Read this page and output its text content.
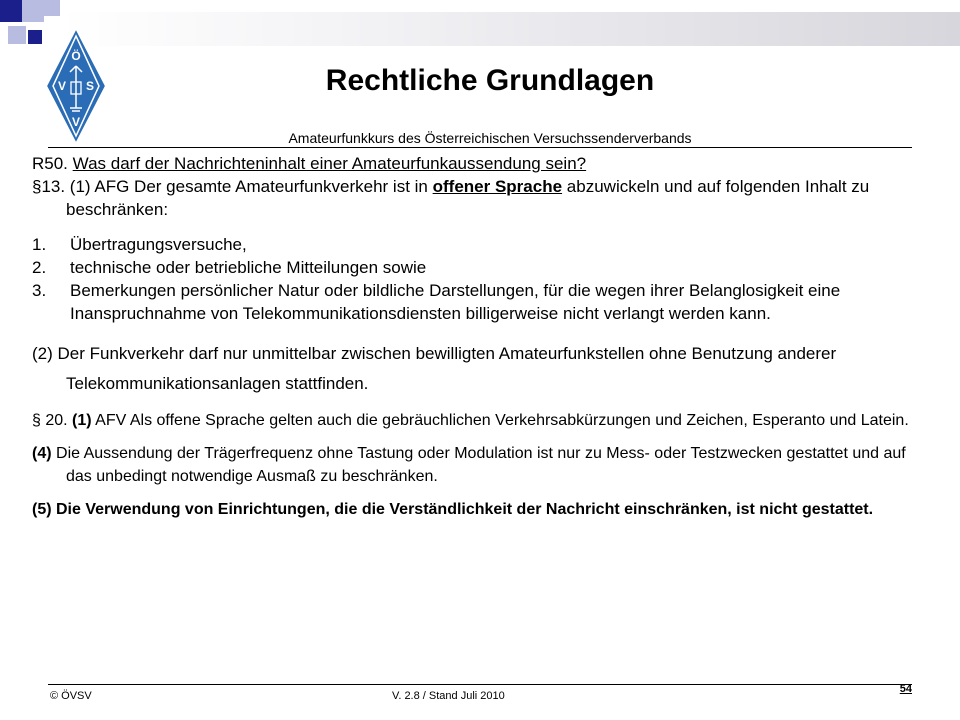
Ö
V S
V
Rechtliche Grundlagen
Amateurfunkkurs des Österreichischen Versuchssenderverbands

R50. Was darf der Nachrichteninhalt einer Amateurfunkaussendung sein?

§13. (1) AFG Der gesamte Amateurfunkverkehr ist in offener Sprache abzuwickeln und auf folgenden Inhalt zu beschränken:

1.	Übertragungsversuche,
2.	technische oder betriebliche Mitteilungen sowie
3.	Bemerkungen persönlicher Natur oder bildliche Darstellungen, für die wegen ihrer Belanglosigkeit eine Inanspruchnahme von Telekommunikationsdiensten billigerweise nicht verlangt werden kann.

(2) Der Funkverkehr darf nur unmittelbar zwischen bewilligten Amateurfunkstellen ohne Benutzung anderer Telekommunikationsanlagen stattfinden.

§ 20. (1) AFV Als offene Sprache gelten auch die gebräuchlichen Verkehrsabkürzungen und Zeichen, Esperanto und Latein.

(4) Die Aussendung der Trägerfrequenz ohne Tastung oder Modulation ist nur zu Mess- oder Testzwecken gestattet und auf das unbedingt notwendige Ausmaß zu beschränken.

(5) Die Verwendung von Einrichtungen, die die Verständlichkeit der Nachricht einschränken, ist nicht gestattet.

© ÖVSV	V. 2.8 / Stand Juli 2010
54
